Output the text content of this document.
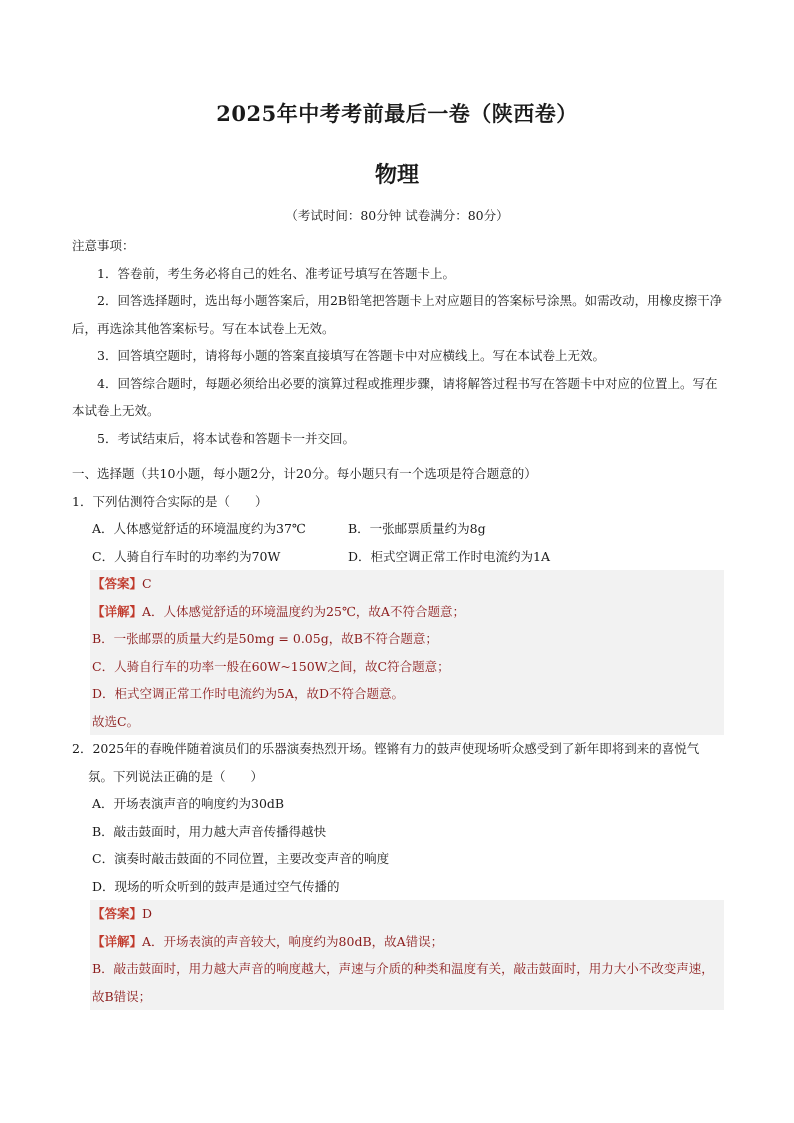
2025年中考考前最后一卷（陕西卷）
物理
（考试时间：80分钟 试卷满分：80分）

注意事项：

1．答卷前，考生务必将自己的姓名、准考证号填写在答题卡上。

2．回答选择题时，选出每小题答案后，用2B铅笔把答题卡上对应题目的答案标号涂黑。如需改动，用橡皮擦干净后，再选涂其他答案标号。写在本试卷上无效。

3．回答填空题时，请将每小题的答案直接填写在答题卡中对应横线上。写在本试卷上无效。

4．回答综合题时，每题必须给出必要的演算过程或推理步骤，请将解答过程书写在答题卡中对应的位置上。写在本试卷上无效。

5．考试结束后，将本试卷和答题卡一并交回。

一、选择题（共10小题，每小题2分，计20分。每小题只有一个选项是符合题意的）

1．下列估测符合实际的是（　　）

A．人体感觉舒适的环境温度约为37℃	B．一张邮票质量约为8g
C．人骑自行车时的功率约为70W	D．柜式空调正常工作时电流约为1A
【答案】C
【详解】A．人体感觉舒适的环境温度约为25℃，故A不符合题意；
B．一张邮票的质量大约是50mg = 0.05g，故B不符合题意；
C．人骑自行车的功率一般在60W~150W之间，故C符合题意；
D．柜式空调正常工作时电流约为5A，故D不符合题意。
故选C。

2．2025年的春晚伴随着演员们的乐器演奏热烈开场。铿锵有力的鼓声使现场听众感受到了新年即将到来的喜悦气氛。下列说法正确的是（　　）

A．开场表演声音的响度约为30dB
B．敲击鼓面时，用力越大声音传播得越快
C．演奏时敲击鼓面的不同位置，主要改变声音的响度
D．现场的听众听到的鼓声是通过空气传播的
【答案】D
【详解】A．开场表演的声音较大，响度约为80dB，故A错误；
B．敲击鼓面时，用力越大声音的响度越大，声速与介质的种类和温度有关，敲击鼓面时，用力大小不改变声速，故B错误；
